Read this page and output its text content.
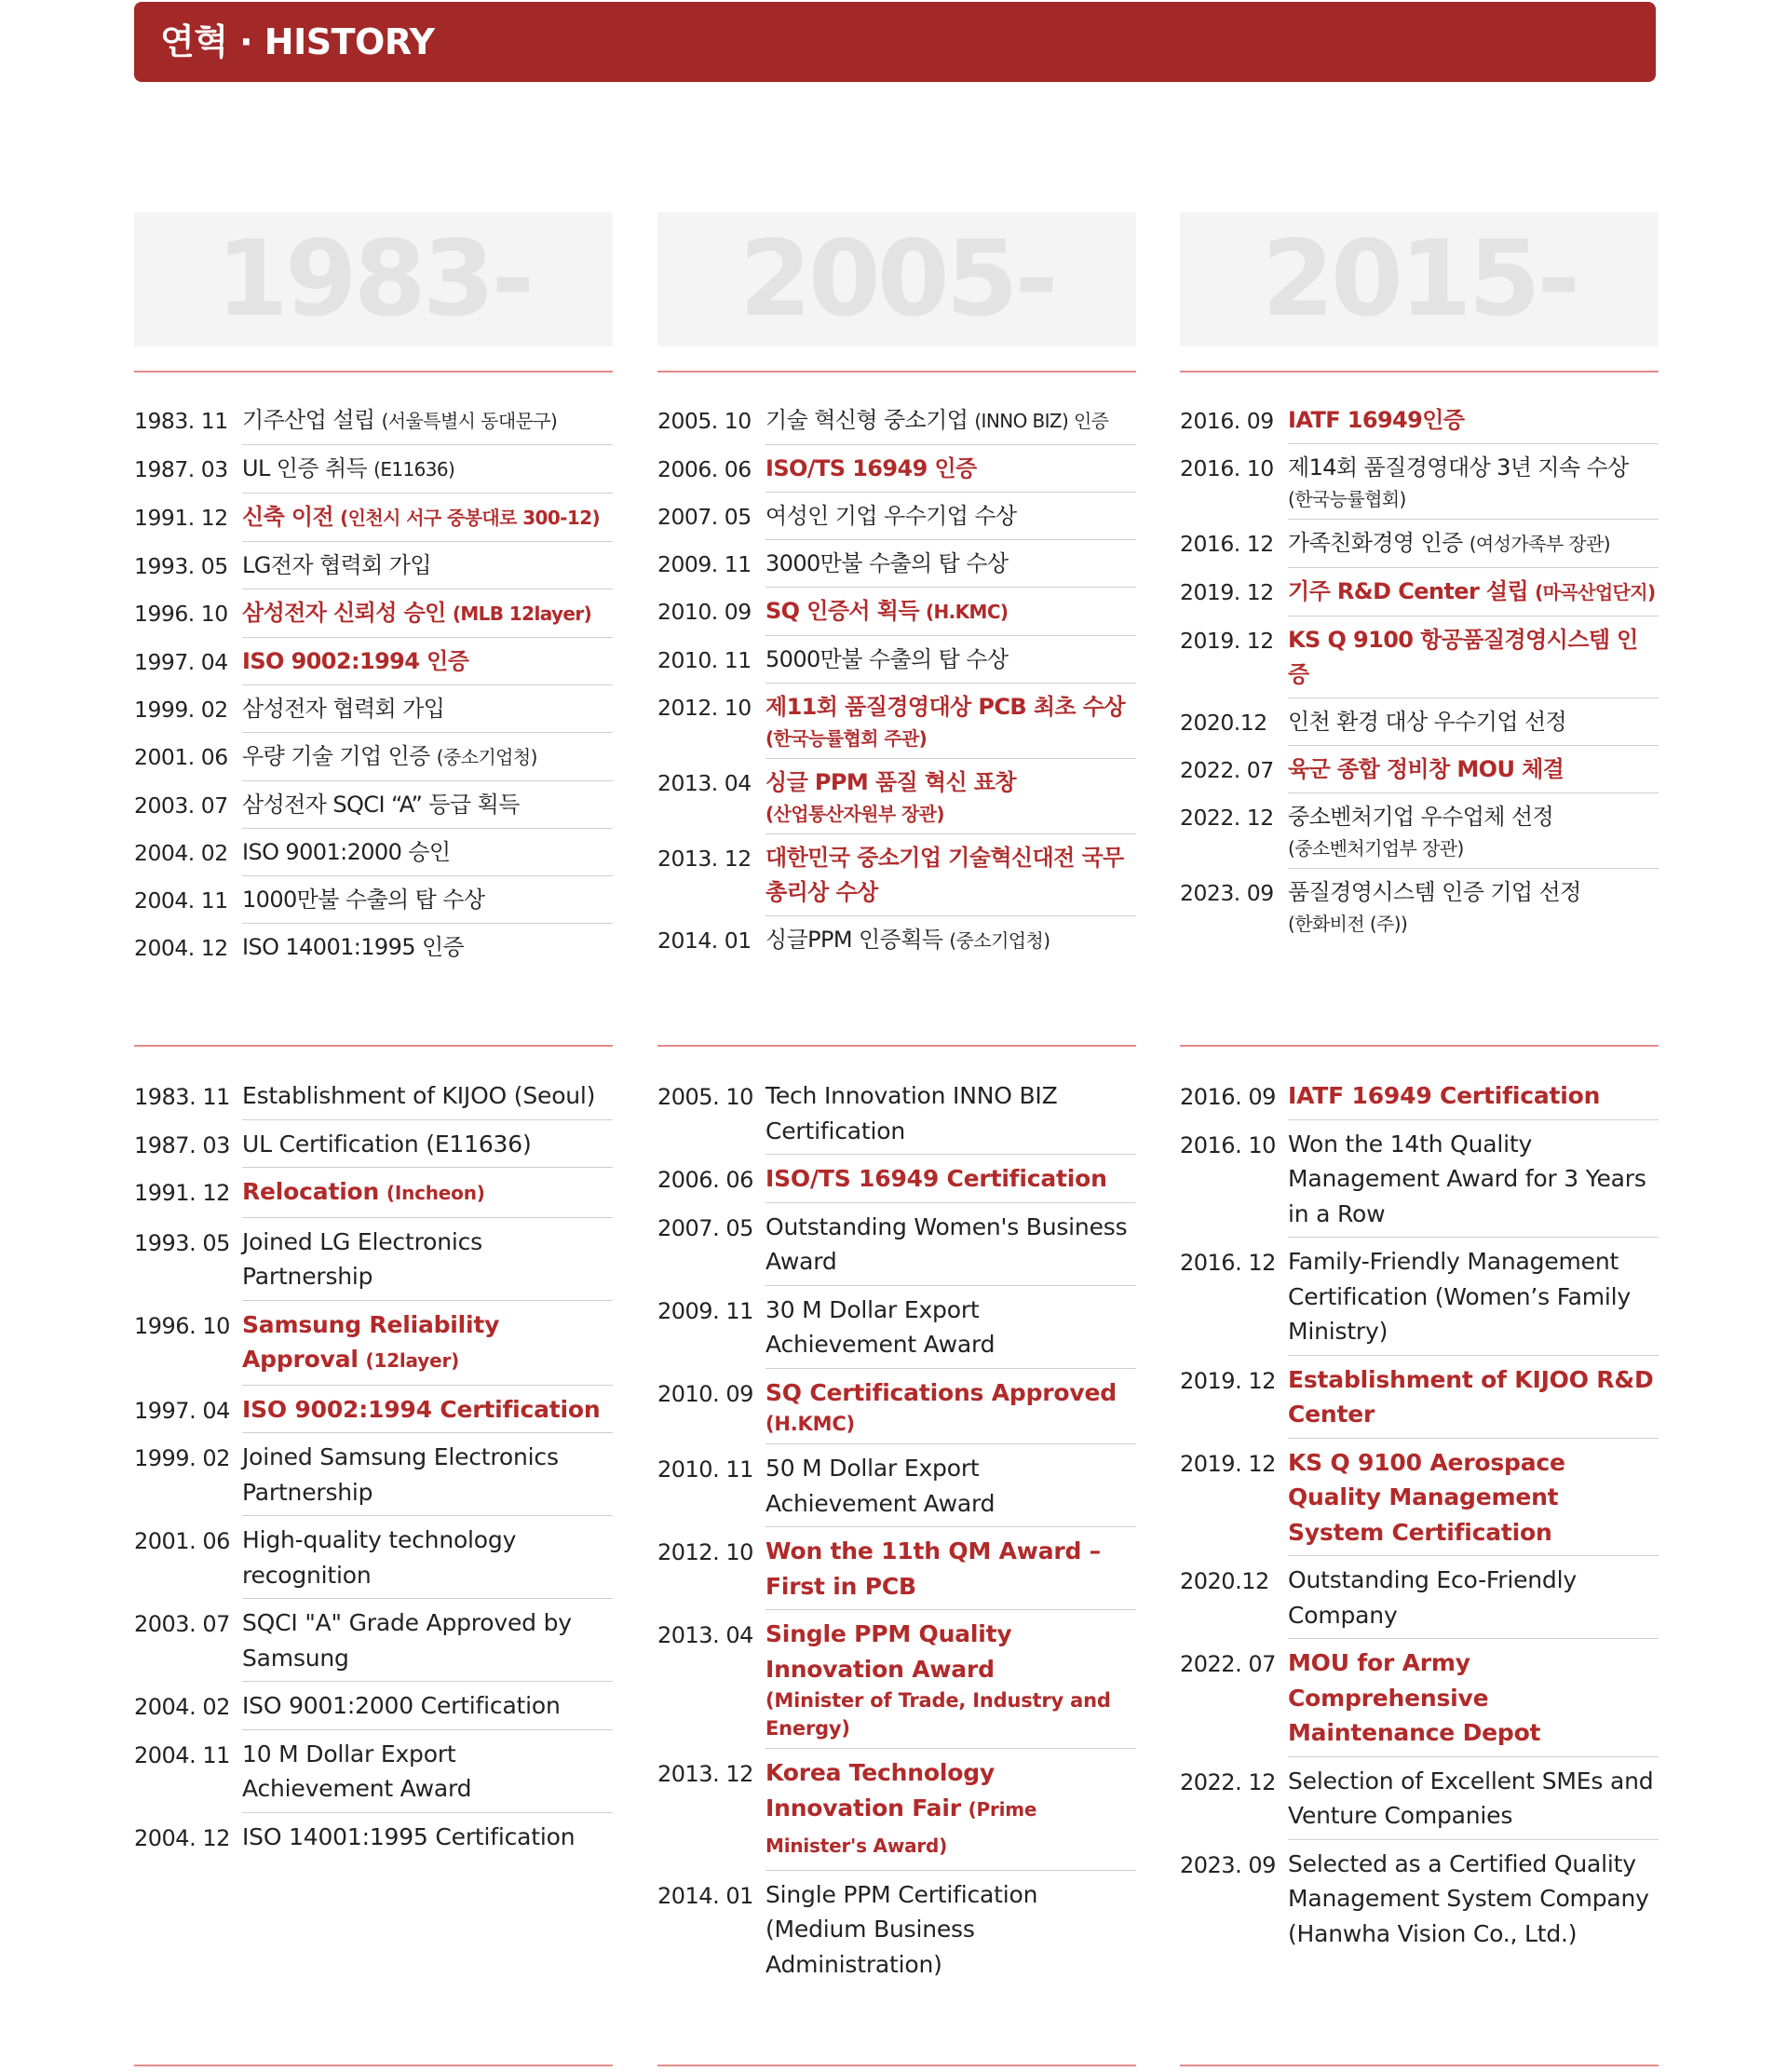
연혁 · HISTORY
1983-
1983. 11 기주산업 설립 (서울특별시 동대문구)
1987. 03 UL 인증 취득 (E11636)
1991. 12 신축 이전 (인천시 서구 중봉대로 300-12)
1993. 05 LG전자 협력회 가입
1996. 10 삼성전자 신뢰성 승인 (MLB 12layer)
1997. 04 ISO 9002:1994 인증
1999. 02 삼성전자 협력회 가입
2001. 06 우량 기술 기업 인증 (중소기업청)
2003. 07 삼성전자 SQCI “A” 등급 획득
2004. 02 ISO 9001:2000 승인
2004. 11 1000만불 수출의 탑 수상
2004. 12 ISO 14001:1995 인증
1983. 11 Establishment of KIJOO (Seoul)
1987. 03 UL Certification (E11636)
1991. 12 Relocation (Incheon)
1993. 05 Joined LG Electronics Partnership
1996. 10 Samsung Reliability Approval (12layer)
1997. 04 ISO 9002:1994 Certification
1999. 02 Joined Samsung Electronics Partnership
2001. 06 High-quality technology recognition
2003. 07 SQCI "A" Grade Approved by Samsung
2004. 02 ISO 9001:2000 Certification
2004. 11 10 M Dollar Export Achievement Award
2004. 12 ISO 14001:1995 Certification
2005-
2005. 10 기술 혁신형 중소기업 (INNO BIZ) 인증
2006. 06 ISO/TS 16949 인증
2007. 05 여성인 기업 우수기업 수상
2009. 11 3000만불 수출의 탑 수상
2010. 09 SQ 인증서 획득 (H.KMC)
2010. 11 5000만불 수출의 탑 수상
2012. 10 제11회 품질경영대상 PCB 최초 수상
(한국능률협회 주관)
2013. 04 싱글 PPM 품질 혁신 표창
(산업통산자원부 장관)
2013. 12 대한민국 중소기업 기술혁신대전 국무총리상 수상
2014. 01 싱글PPM 인증획득 (중소기업청)
2005. 10 Tech Innovation INNO BIZ Certification
2006. 06 ISO/TS 16949 Certification
2007. 05 Outstanding Women's Business Award
2009. 11 30 M Dollar Export Achievement Award
2010. 09 SQ Certifications Approved
(H.KMC)
2010. 11 50 M Dollar Export Achievement Award
2012. 10 Won the 11th QM Award – First in PCB
2013. 04 Single PPM Quality Innovation Award
(Minister of Trade, Industry and Energy)
2013. 12 Korea Technology Innovation Fair (Prime Minister's Award)
2014. 01 Single PPM Certification (Medium Business Administration)
2015-
2016. 09 IATF 16949인증
2016. 10 제14회 품질경영대상 3년 지속 수상
(한국능률협회)
2016. 12 가족친화경영 인증 (여성가족부 장관)
2019. 12 기주 R&D Center 설립 (마곡산업단지)
2019. 12 KS Q 9100 항공품질경영시스템 인증
2020.12 인천 환경 대상 우수기업 선정
2022. 07 육군 종합 정비창 MOU 체결
2022. 12 중소벤처기업 우수업체 선정
(중소벤처기업부 장관)
2023. 09 품질경영시스템 인증 기업 선정
(한화비전 (주))
2016. 09 IATF 16949 Certification
2016. 10 Won the 14th Quality Management Award for 3 Years in a Row
2016. 12 Family-Friendly Management Certification (Women’s Family Ministry)
2019. 12 Establishment of KIJOO R&D Center
2019. 12 KS Q 9100 Aerospace Quality Management System Certification
2020.12 Outstanding Eco-Friendly Company
2022. 07 MOU for Army Comprehensive Maintenance Depot
2022. 12 Selection of Excellent SMEs and Venture Companies
2023. 09 Selected as a Certified Quality Management System Company (Hanwha Vision Co., Ltd.)
